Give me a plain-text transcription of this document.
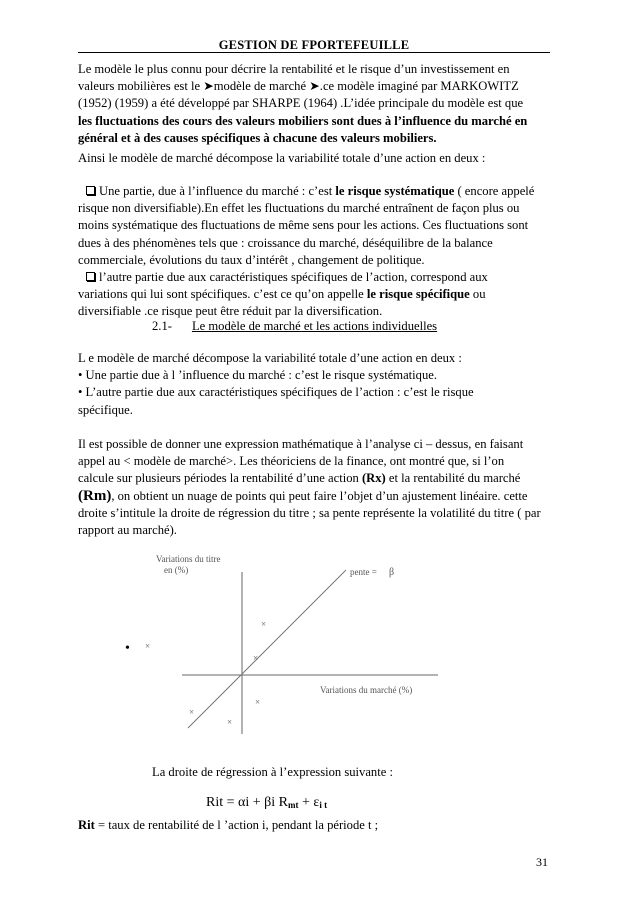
GESTION DE FPORTEFEUILLE
Le modèle le plus connu pour décrire la rentabilité et le risque d’un investissement en
valeurs mobilières est le ➤modèle de marché ➤.ce modèle imaginé par MARKOWITZ
(1952) (1959) a été développé par SHARPE (1964) .L’idée principale du modèle est que
les fluctuations des cours des valeurs mobiliers sont dues à l’influence du marché en
général et à des causes spécifiques à chacune des valeurs mobiliers.
Ainsi le modèle de marché décompose la variabilité totale d’une action en deux :
Une partie, due à l’influence du marché : c’est le risque systématique ( encore appelé
risque non diversifiable).En effet les fluctuations du marché entraînent de façon plus ou
moins systématique des fluctuations de même sens pour les actions. Ces fluctuations sont
dues à des phénomènes tels que : croissance du marché, déséquilibre de la balance
commerciale, évolutions du taux d’intérêt , changement de politique.
l’autre partie due aux caractéristiques spécifiques de l’action, correspond aux
variations qui lui sont spécifiques. c’est ce qu’on appelle le risque spécifique ou
diversifiable .ce risque peut être réduit par la diversification.
2.1- Le modèle de marché et les actions individuelles
L e modèle de marché décompose la variabilité totale d’une action en deux :
• Une partie due à l ’influence du marché : c’est le risque systématique.
• L’autre partie due aux caractéristiques spécifiques de l’action : c’est le risque
spécifique.
Il est possible de donner une expression mathématique à l’analyse ci – dessus, en faisant
appel au < modèle de marché>. Les théoriciens de la finance, ont montré que, si l’on
calcule sur plusieurs périodes la rentabilité d’une action (Rx) et la rentabilité du marché
(Rm), on obtient un nuage de points qui peut faire l’objet d’un ajustement linéaire. cette
droite s’intitule la droite de régression du titre ; sa pente représente la volatilité du titre ( par
rapport au marché).
Variations du titre
en (%)	pente = β
Variations du marché (%)
• ×
×
×
×
×
×
La droite de régression à l’expression suivante :
Rit = αi + βi $R_{mt} + \varepsilon_{i t}$
Rit = taux de rentabilité de l ’action i, pendant la période t ;
31
